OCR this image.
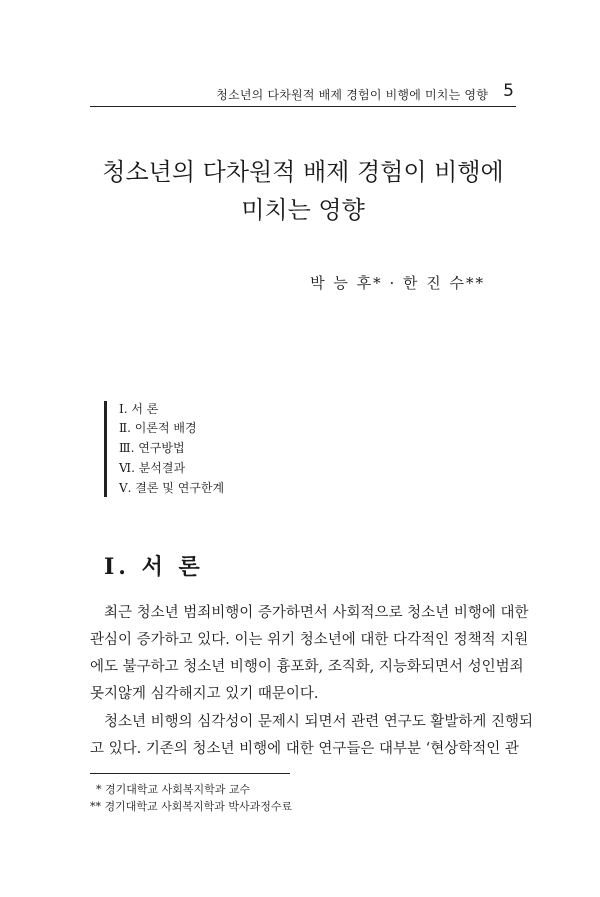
청소년의 다차원적 배제 경험이 비행에 미치는 영향 5
청소년의 다차원적 배제 경험이 비행에
미치는 영향
박 능 후* · 한 진 수**
Ⅰ. 서 론
Ⅱ. 이론적 배경
Ⅲ. 연구방법
Ⅵ. 분석결과
Ⅴ. 결론 및 연구한계
Ⅰ. 서 론
최근 청소년 범죄비행이 증가하면서 사회적으로 청소년 비행에 대한
관심이 증가하고 있다. 이는 위기 청소년에 대한 다각적인 정책적 지원
에도 불구하고 청소년 비행이 흉포화, 조직화, 지능화되면서 성인범죄
못지않게 심각해지고 있기 때문이다.
청소년 비행의 심각성이 문제시 되면서 관련 연구도 활발하게 진행되
고 있다. 기존의 청소년 비행에 대한 연구들은 대부분 ‘현상학적인 관
* 경기대학교 사회복지학과 교수
** 경기대학교 사회복지학과 박사과정수료
